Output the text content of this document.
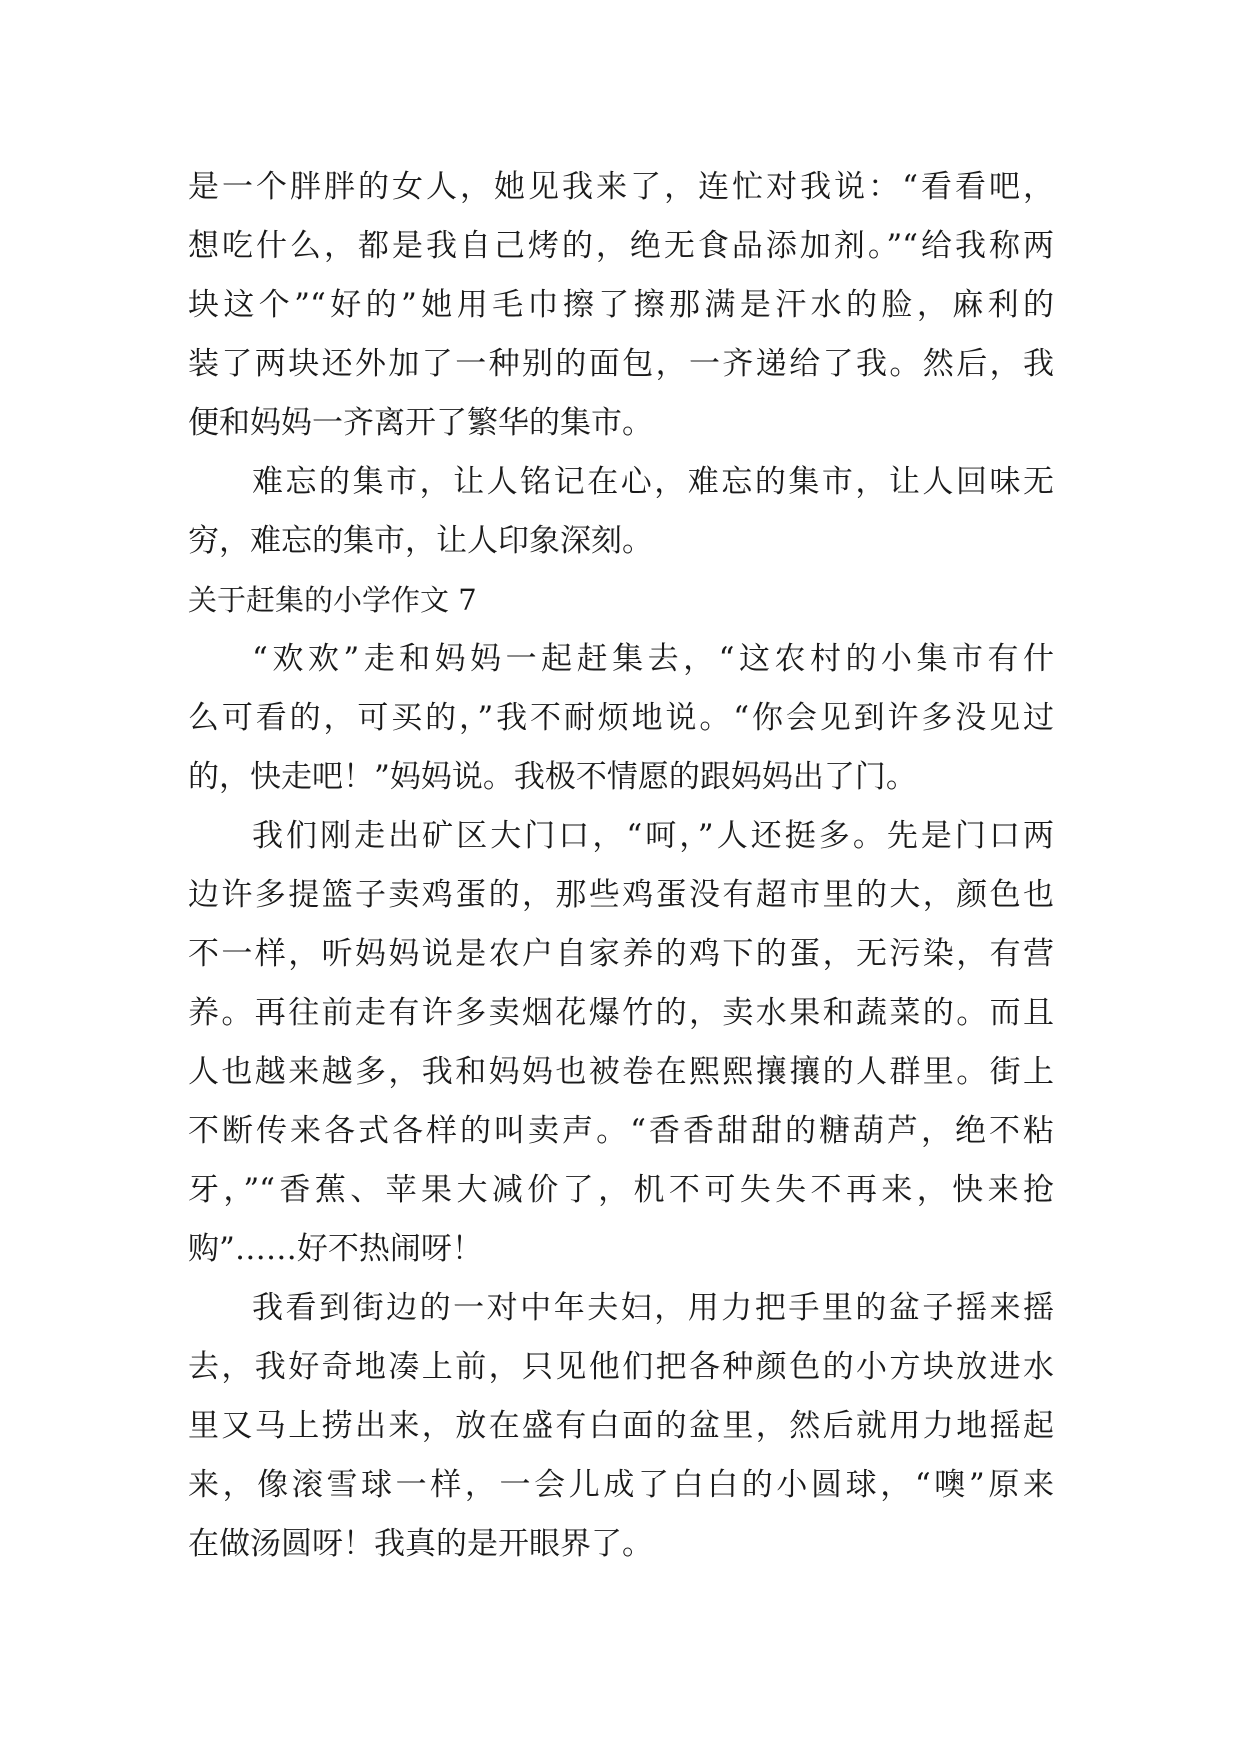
是一个胖胖的女人，她见我来了，连忙对我说：“看看吧，
想吃什么，都是我自己烤的，绝无食品添加剂。”“给我称两
块这个”“好的”她用毛巾擦了擦那满是汗水的脸，麻利的
装了两块还外加了一种别的面包，一齐递给了我。然后，我
便和妈妈一齐离开了繁华的集市。
难忘的集市，让人铭记在心，难忘的集市，让人回味无
穷，难忘的集市，让人印象深刻。
关于赶集的小学作文 7
“欢欢”走和妈妈一起赶集去，“这农村的小集市有什
么可看的，可买的，”我不耐烦地说。“你会见到许多没见过
的，快走吧！”妈妈说。我极不情愿的跟妈妈出了门。
我们刚走出矿区大门口，“呵，”人还挺多。先是门口两
边许多提篮子卖鸡蛋的，那些鸡蛋没有超市里的大，颜色也
不一样，听妈妈说是农户自家养的鸡下的蛋，无污染，有营
养。再往前走有许多卖烟花爆竹的，卖水果和蔬菜的。而且
人也越来越多，我和妈妈也被卷在熙熙攘攘的人群里。街上
不断传来各式各样的叫卖声。“香香甜甜的糖葫芦，绝不粘
牙，”“香蕉、苹果大减价了，机不可失失不再来，快来抢
购”……好不热闹呀！
我看到街边的一对中年夫妇，用力把手里的盆子摇来摇
去，我好奇地凑上前，只见他们把各种颜色的小方块放进水
里又马上捞出来，放在盛有白面的盆里，然后就用力地摇起
来，像滚雪球一样，一会儿成了白白的小圆球，“噢”原来
在做汤圆呀！我真的是开眼界了。
